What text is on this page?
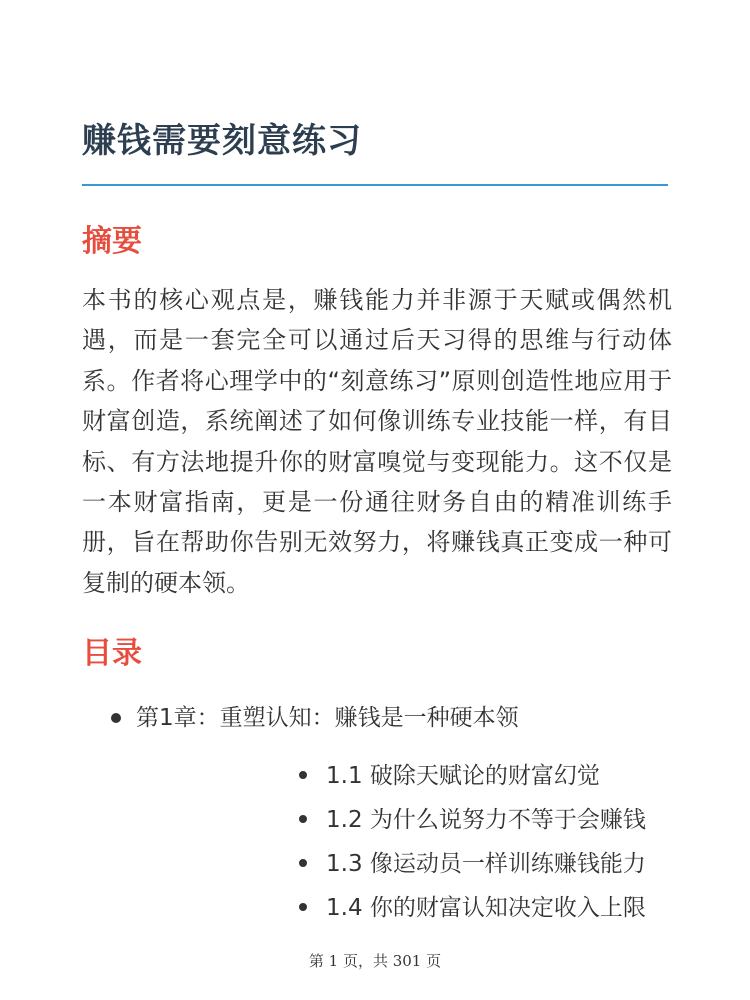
赚钱需要刻意练习
摘要

本书的核心观点是，赚钱能力并非源于天赋或偶然机遇，而是一套完全可以通过后天习得的思维与行动体系。作者将心理学中的“刻意练习”原则创造性地应用于财富创造，系统阐述了如何像训练专业技能一样，有目标、有方法地提升你的财富嗅觉与变现能力。这不仅是一本财富指南，更是一份通往财务自由的精准训练手册，旨在帮助你告别无效努力，将赚钱真正变成一种可复制的硬本领。

目录
第1章：重塑认知：赚钱是一种硬本领
1.1 破除天赋论的财富幻觉
1.2 为什么说努力不等于会赚钱
1.3 像运动员一样训练赚钱能力
1.4 你的财富认知决定收入上限
第 1 页，共 301 页
